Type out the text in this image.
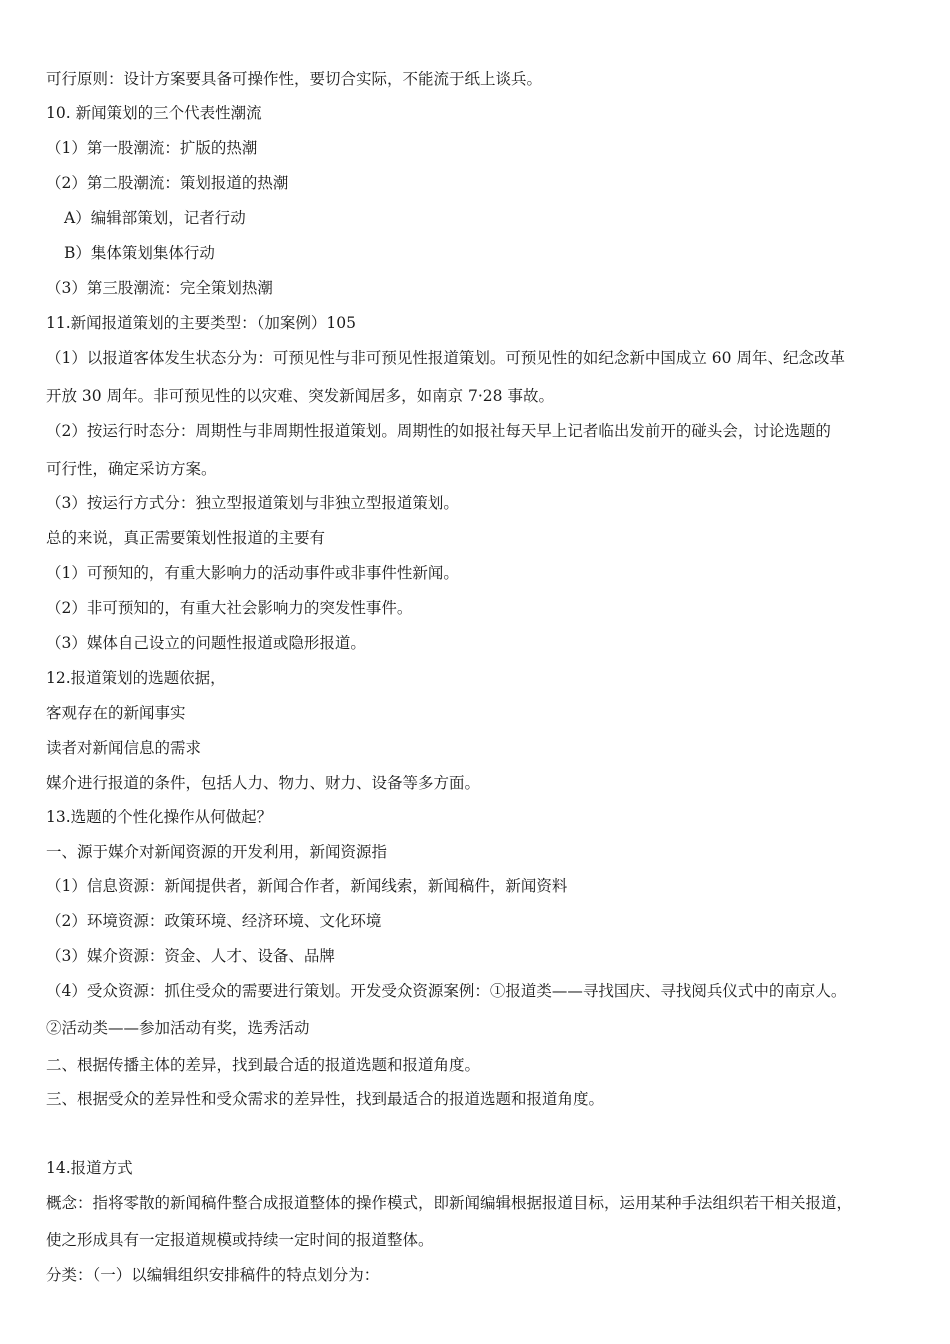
可行原则：设计方案要具备可操作性，要切合实际，不能流于纸上谈兵。

10. 新闻策划的三个代表性潮流

（1）第一股潮流：扩版的热潮

（2）第二股潮流：策划报道的热潮

A）编辑部策划，记者行动

B）集体策划集体行动

（3）第三股潮流：完全策划热潮

11.新闻报道策划的主要类型：（加案例）105

（1）以报道客体发生状态分为：可预见性与非可预见性报道策划。可预见性的如纪念新中国成立 60 周年、纪念改革

开放 30 周年。非可预见性的以灾难、突发新闻居多，如南京 7·28 事故。

（2）按运行时态分：周期性与非周期性报道策划。周期性的如报社每天早上记者临出发前开的碰头会，讨论选题的

可行性，确定采访方案。

（3）按运行方式分：独立型报道策划与非独立型报道策划。

总的来说，真正需要策划性报道的主要有

（1）可预知的，有重大影响力的活动事件或非事件性新闻。

（2）非可预知的，有重大社会影响力的突发性事件。

（3）媒体自己设立的问题性报道或隐形报道。

12.报道策划的选题依据，

客观存在的新闻事实

读者对新闻信息的需求

媒介进行报道的条件，包括人力、物力、财力、设备等多方面。

13.选题的个性化操作从何做起？

一、源于媒介对新闻资源的开发利用，新闻资源指

（1）信息资源：新闻提供者，新闻合作者，新闻线索，新闻稿件，新闻资料

（2）环境资源：政策环境、经济环境、文化环境

（3）媒介资源：资金、人才、设备、品牌

（4）受众资源：抓住受众的需要进行策划。开发受众资源案例：①报道类——寻找国庆、寻找阅兵仪式中的南京人。

②活动类——参加活动有奖，选秀活动

二、根据传播主体的差异，找到最合适的报道选题和报道角度。

三、根据受众的差异性和受众需求的差异性，找到最适合的报道选题和报道角度。

14.报道方式

概念：指将零散的新闻稿件整合成报道整体的操作模式，即新闻编辑根据报道目标，运用某种手法组织若干相关报道，

使之形成具有一定报道规模或持续一定时间的报道整体。

分类：（一）以编辑组织安排稿件的特点划分为：
